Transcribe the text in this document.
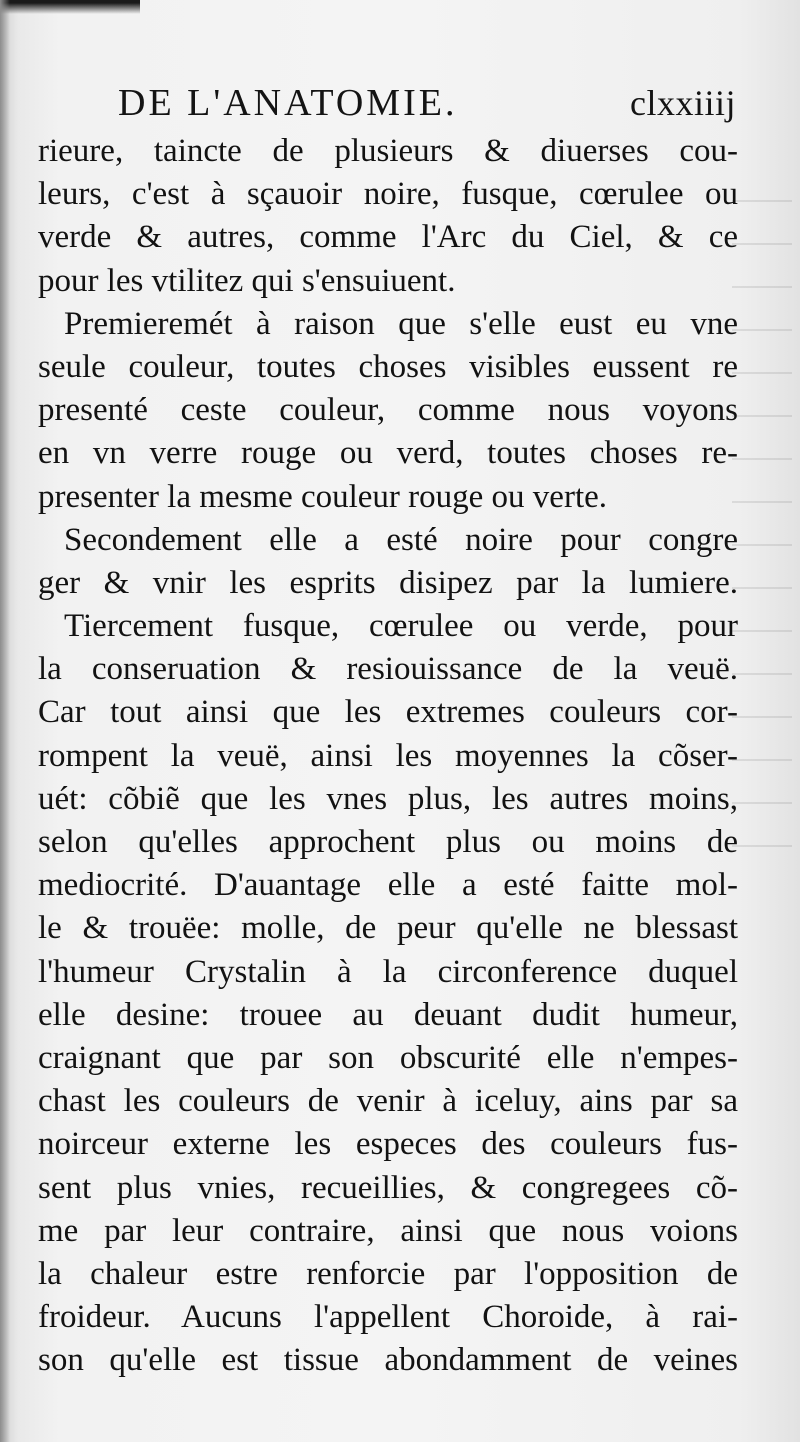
DE L'ANATOMIE.	clxxiiij
rieure, taincte de plusieurs & diuerses cou-
leurs, c'est à sçauoir noire, fusque, cœrulee ou
verde & autres, comme l'Arc du Ciel, & ce
pour les vtilitez qui s'ensuiuent.
Premieremét à raison que s'elle eust eu vne
seule couleur, toutes choses visibles eussent re
presenté ceste couleur, comme nous voyons
en vn verre rouge ou verd, toutes choses re-
presenter la mesme couleur rouge ou verte.
Secondement elle a esté noire pour congre
ger & vnir les esprits disipez par la lumiere.
Tiercement fusque, cœrulee ou verde, pour
la conseruation & resiouissance de la veuë.
Car tout ainsi que les extremes couleurs cor-
rompent la veuë, ainsi les moyennes la cõser-
uét: cõbiẽ que les vnes plus, les autres moins,
selon qu'elles approchent plus ou moins de
mediocrité. D'auantage elle a esté faitte mol-
le & trouëe: molle, de peur qu'elle ne blessast
l'humeur Crystalin à la circonference duquel
elle desine: trouee au deuant dudit humeur,
craignant que par son obscurité elle n'empes-
chast les couleurs de venir à iceluy, ains par sa
noirceur externe les especes des couleurs fus-
sent plus vnies, recueillies, & congregees cõ-
me par leur contraire, ainsi que nous voions
la chaleur estre renforcie par l'opposition de
froideur. Aucuns l'appellent Choroide, à rai-
son qu'elle est tissue abondamment de veines
